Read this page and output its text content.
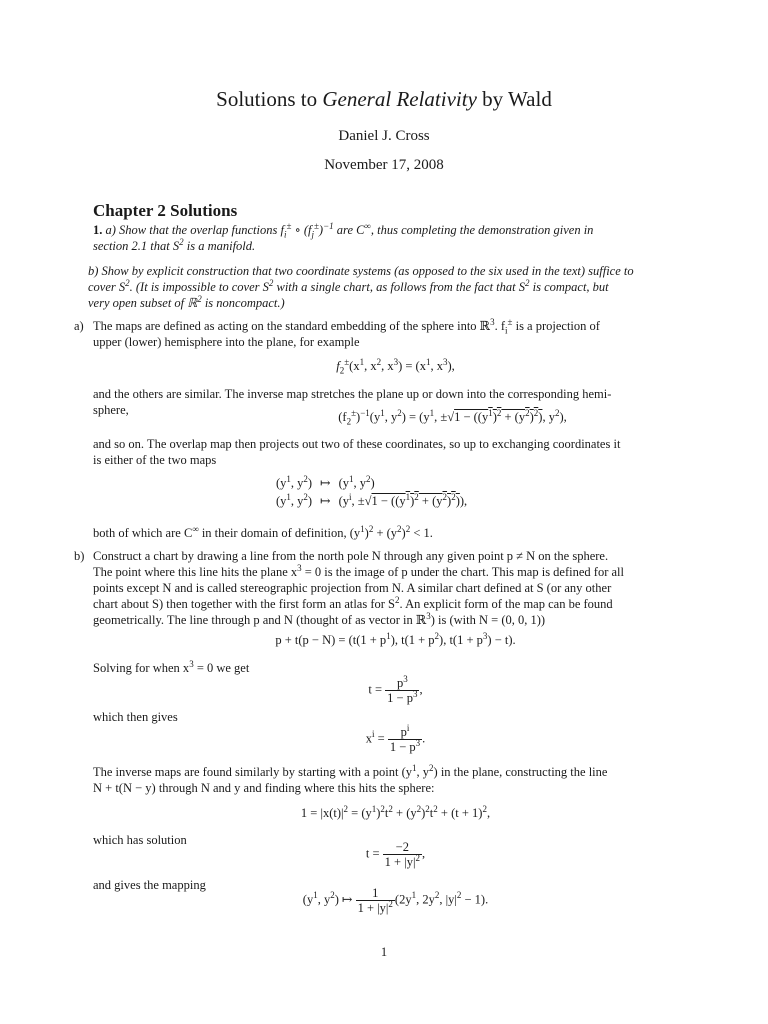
Solutions to General Relativity by Wald
Daniel J. Cross
November 17, 2008
Chapter 2 Solutions
1. a) Show that the overlap functions $f_i^\pm$ ∘ $(f_j^\pm)^{-1}$ are C∞, thus completing the demonstration given in
section 2.1 that $S^2$ is a manifold.
b) Show by explicit construction that two coordinate systems (as opposed to the six used in the text) suffice to
cover $S^2$. (It is impossible to cover $S^2$ with a single chart, as follows from the fact that $S^2$ is compact, but
very open subset of ℝ$^2$ is noncompact.)
a) The maps are defined as acting on the standard embedding of the sphere into ℝ$^3$. $f_i^\pm$ is a projection of
upper (lower) hemisphere into the plane, for example
$f_2^\pm(x^1$, $x^2$, $x^3) = (x^1$, $x^3$),
and the others are similar. The inverse map stretches the plane up or down into the corresponding hemi-
sphere,	$(f_2^\pm)^{-1}(y^1$, $y^2) = (y^1$, $\pm√1 - ((y^1)^2 + (y^2)^2)$, $y^2$),
and so on. The overlap map then projects out two of these coordinates, so up to exchanging coordinates it
is either of the two maps
($y^1$, $y^2$)	↦	($y^1$, $y^2$)
($y^1$, $y^2$)	↦	($y^i$, $\pm√1 - ((y^1)^2 + (y^2)^2)$),
both of which are C∞ in their domain of definition, $(y^1)^2 + (y^2)^2 < 1$.
b) Construct a chart by drawing a line from the north pole N through any given point p ≠ N on the sphere.
The point where this line hits the plane $x^3 = 0$ is the image of p under the chart. This map is defined for all
points except N and is called stereographic projection from N. A similar chart defined at S (or any other
chart about S) then together with the first form an atlas for $S^2$. An explicit form of the map can be found
geometrically. The line through p and N (thought of as vector in ℝ$^3$) is (with N = (0, 0, 1))
$p + t(p - N) = (t(1 + p^1)$, $t(1 + p^2)$, $t(1 + p^3) - t$).
Solving for when $x^3 = 0$ we get
$t = \frac{p^3}{1 - p^3}$ ,
which then gives
$x^i = \frac{p^i}{1 - p^3}$ .
The inverse maps are found similarly by starting with a point ($y^1$, $y^2$) in the plane, constructing the line
N + t(N − y) through N and y and finding where this hits the sphere:
$1 = |x(t)|^2 = (y^1)^2t^2 + (y^2)^2t^2 + (t + 1)^2$,
which has solution
$t = \frac{-2}{1 + |y|^2}$ ,
and gives the mapping
($y^1$, $y^2$) ↦ $\frac{1}{1 + |y|^2} (2y^1$, $2y^2$, $|y|^2 - 1$).
1
